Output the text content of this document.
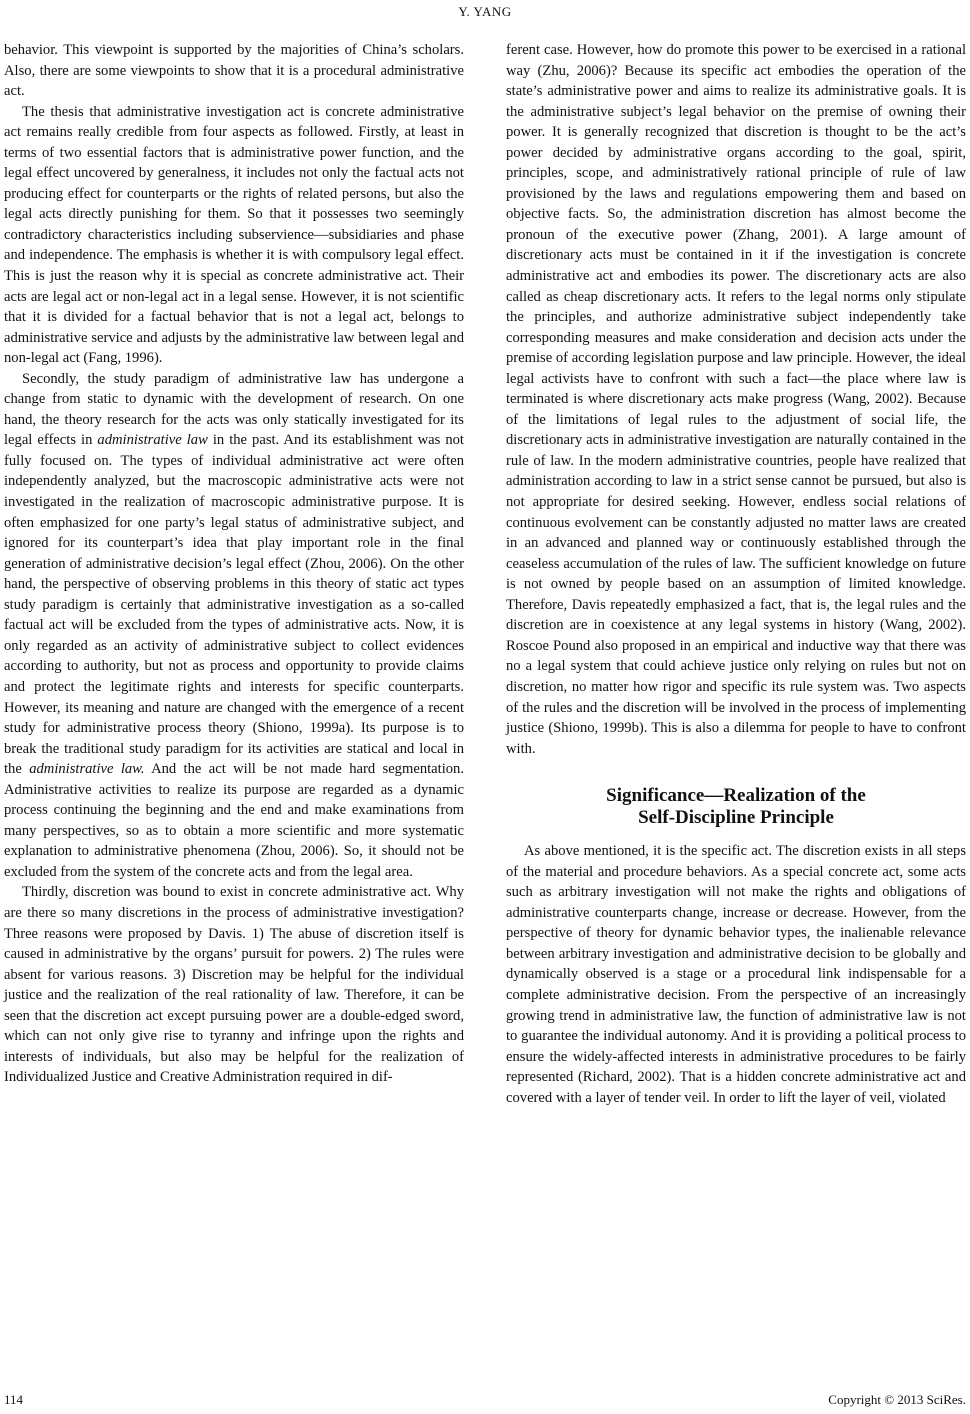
Y. YANG

behavior. This viewpoint is supported by the majorities of China’s scholars. Also, there are some viewpoints to show that it is a procedural administrative act.

The thesis that administrative investigation act is concrete administrative act remains really credible from four aspects as followed. Firstly, at least in terms of two essential factors that is administrative power function, and the legal effect uncovered by generalness, it includes not only the factual acts not producing effect for counterparts or the rights of related persons, but also the legal acts directly punishing for them. So that it possesses two seemingly contradictory characteristics including subservience—subsidiaries and phase and independence. The emphasis is whether it is with compulsory legal effect. This is just the reason why it is special as concrete administrative act. Their acts are legal act or non-legal act in a legal sense. However, it is not scientific that it is divided for a factual behavior that is not a legal act, belongs to administrative service and adjusts by the administrative law between legal and non-legal act (Fang, 1996).

Secondly, the study paradigm of administrative law has undergone a change from static to dynamic with the development of research. On one hand, the theory research for the acts was only statically investigated for its legal effects in administrative law in the past. And its establishment was not fully focused on. The types of individual administrative act were often independently analyzed, but the macroscopic administrative acts were not investigated in the realization of macroscopic administrative purpose. It is often emphasized for one party’s legal status of administrative subject, and ignored for its counterpart’s idea that play important role in the final generation of administrative decision’s legal effect (Zhou, 2006). On the other hand, the perspective of observing problems in this theory of static act types study paradigm is certainly that administrative investigation as a so-called factual act will be excluded from the types of administrative acts. Now, it is only regarded as an activity of administrative subject to collect evidences according to authority, but not as process and opportunity to provide claims and protect the legitimate rights and interests for specific counterparts. However, its meaning and nature are changed with the emergence of a recent study for administrative process theory (Shiono, 1999a). Its purpose is to break the traditional study paradigm for its activities are statical and local in the administrative law. And the act will be not made hard segmentation. Administrative activities to realize its purpose are regarded as a dynamic process continuing the beginning and the end and make examinations from many perspectives, so as to obtain a more scientific and more systematic explanation to administrative phenomena (Zhou, 2006). So, it should not be excluded from the system of the concrete acts and from the legal area.

Thirdly, discretion was bound to exist in concrete administrative act. Why are there so many discretions in the process of administrative investigation? Three reasons were proposed by Davis. 1) The abuse of discretion itself is caused in administrative by the organs’ pursuit for powers. 2) The rules were absent for various reasons. 3) Discretion may be helpful for the individual justice and the realization of the real rationality of law. Therefore, it can be seen that the discretion act except pursuing power are a double-edged sword, which can not only give rise to tyranny and infringe upon the rights and interests of individuals, but also may be helpful for the realization of Individualized Justice and Creative Administration required in dif-

ferent case. However, how do promote this power to be exercised in a rational way (Zhu, 2006)? Because its specific act embodies the operation of the state’s administrative power and aims to realize its administrative goals. It is the administrative subject’s legal behavior on the premise of owning their power. It is generally recognized that discretion is thought to be the act’s power decided by administrative organs according to the goal, spirit, principles, scope, and administratively rational principle of rule of law provisioned by the laws and regulations empowering them and based on objective facts. So, the administration discretion has almost become the pronoun of the executive power (Zhang, 2001). A large amount of discretionary acts must be contained in it if the investigation is concrete administrative act and embodies its power. The discretionary acts are also called as cheap discretionary acts. It refers to the legal norms only stipulate the principles, and authorize administrative subject independently take corresponding measures and make consideration and decision acts under the premise of according legislation purpose and law principle. However, the ideal legal activists have to confront with such a fact—the place where law is terminated is where discretionary acts make progress (Wang, 2002). Because of the limitations of legal rules to the adjustment of social life, the discretionary acts in administrative investigation are naturally contained in the rule of law. In the modern administrative countries, people have realized that administration according to law in a strict sense cannot be pursued, but also is not appropriate for desired seeking. However, endless social relations of continuous evolvement can be constantly adjusted no matter laws are created in an advanced and planned way or continuously established through the ceaseless accumulation of the rules of law. The sufficient knowledge on future is not owned by people based on an assumption of limited knowledge. Therefore, Davis repeatedly emphasized a fact, that is, the legal rules and the discretion are in coexistence at any legal systems in history (Wang, 2002). Roscoe Pound also proposed in an empirical and inductive way that there was no a legal system that could achieve justice only relying on rules but not on discretion, no matter how rigor and specific its rule system was. Two aspects of the rules and the discretion will be involved in the process of implementing justice (Shiono, 1999b). This is also a dilemma for people to have to confront with.

Significance—Realization of the
Self-Discipline Principle

As above mentioned, it is the specific act. The discretion exists in all steps of the material and procedure behaviors. As a special concrete act, some acts such as arbitrary investigation will not make the rights and obligations of administrative counterparts change, increase or decrease. However, from the perspective of theory for dynamic behavior types, the inalienable relevance between arbitrary investigation and administrative decision to be globally and dynamically observed is a stage or a procedural link indispensable for a complete administrative decision. From the perspective of an increasingly growing trend in administrative law, the function of administrative law is not to guarantee the individual autonomy. And it is providing a political process to ensure the widely-affected interests in administrative procedures to be fairly represented (Richard, 2002). That is a hidden concrete administrative act and covered with a layer of tender veil. In order to lift the layer of veil, violated

114	Copyright © 2013 SciRes.
